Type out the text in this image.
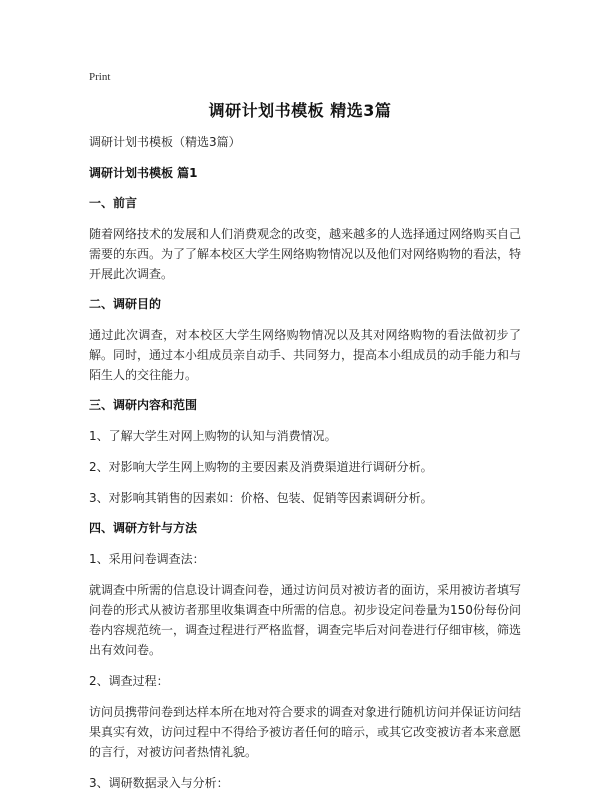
Print
调研计划书模板 精选3篇
调研计划书模板（精选3篇）
调研计划书模板 篇1
一、前言
随着网络技术的发展和人们消费观念的改变，越来越多的人选择通过网络购买自己需要的东西。为了了解本校区大学生网络购物情况以及他们对网络购物的看法，特开展此次调查。
二、调研目的
通过此次调查，对本校区大学生网络购物情况以及其对网络购物的看法做初步了解。同时，通过本小组成员亲自动手、共同努力，提高本小组成员的动手能力和与陌生人的交往能力。
三、调研内容和范围
1、了解大学生对网上购物的认知与消费情况。
2、对影响大学生网上购物的主要因素及消费渠道进行调研分析。
3、对影响其销售的因素如：价格、包装、促销等因素调研分析。
四、调研方针与方法
1、采用问卷调查法：
就调查中所需的信息设计调查问卷，通过访问员对被访者的面访，采用被访者填写问卷的形式从被访者那里收集调查中所需的信息。初步设定问卷量为150份每份问卷内容规范统一，调查过程进行严格监督，调查完毕后对问卷进行仔细审核，筛选出有效问卷。
2、调查过程：
访问员携带问卷到达样本所在地对符合要求的调查对象进行随机访问并保证访问结果真实有效，访问过程中不得给予被访者任何的暗示，或其它改变被访者本来意愿的言行，对被访问者热情礼貌。
3、调研数据录入与分析：
